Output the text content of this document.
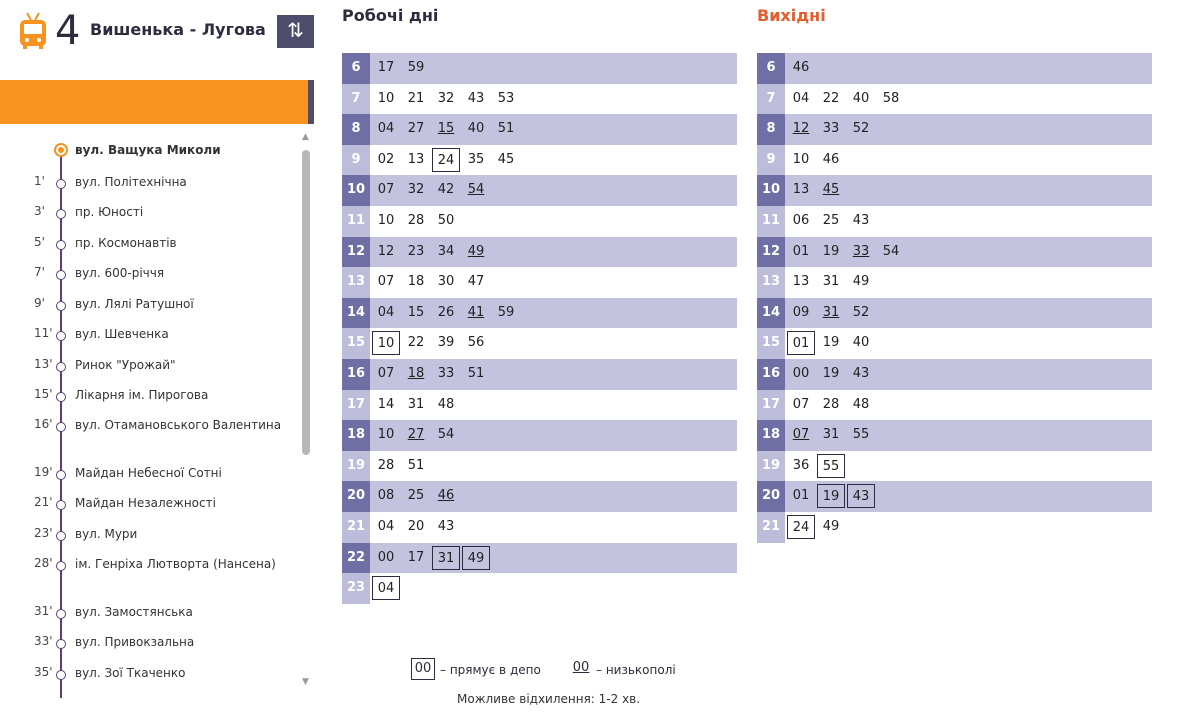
4 Вишенька - Лугова	⇅
вул. Ващука Миколи
1'	вул. Політехнічна
3'	пр. Юності
5'	пр. Космонавтів
7'	вул. 600-річчя
9'	вул. Лялі Ратушної
11' вул. Шевченка
13' Ринок "Урожай"
15' Лікарня ім. Пирогова
16' вул. Отамановського Валентина
19' Майдан Небесної Сотні
21' Майдан Незалежності
23' вул. Мури
28' ім. Генріха Лютворта (Нансена)
31' вул. Замостянська
33' вул. Привокзальна
35' вул. Зої Ткаченко
▲
▼
Робочі дні	Вихідні
6	17	59
7	10	21	32	43	53
8	04	27	15	40	51
9	02	13	24	35	45
10 07	32	42	54
11 10	28	50
12 12	23	34	49
13 07	18	30	47
14 04	15	26	41	59
15 10	22	39	56
16 07	18	33	51
17 14	31	48
18 10	27	54
19 28	51
20 08	25	46
21 04	20	43
22 00	17	31	49
23 04
6	46
7	04	22	40	58
8	12	33	52
9	10	46
10 13	45
11 06	25	43
12 01	19	33	54
13 13	31	49
14 09	31	52
15 01	19	40
16 00	19	43
17 07	28	48
18 07	31	55
19 36	55
20 01	19	43
21 24	49
00 – прямує в депо 00 – низькополі
Можливе відхилення: 1-2 хв.
